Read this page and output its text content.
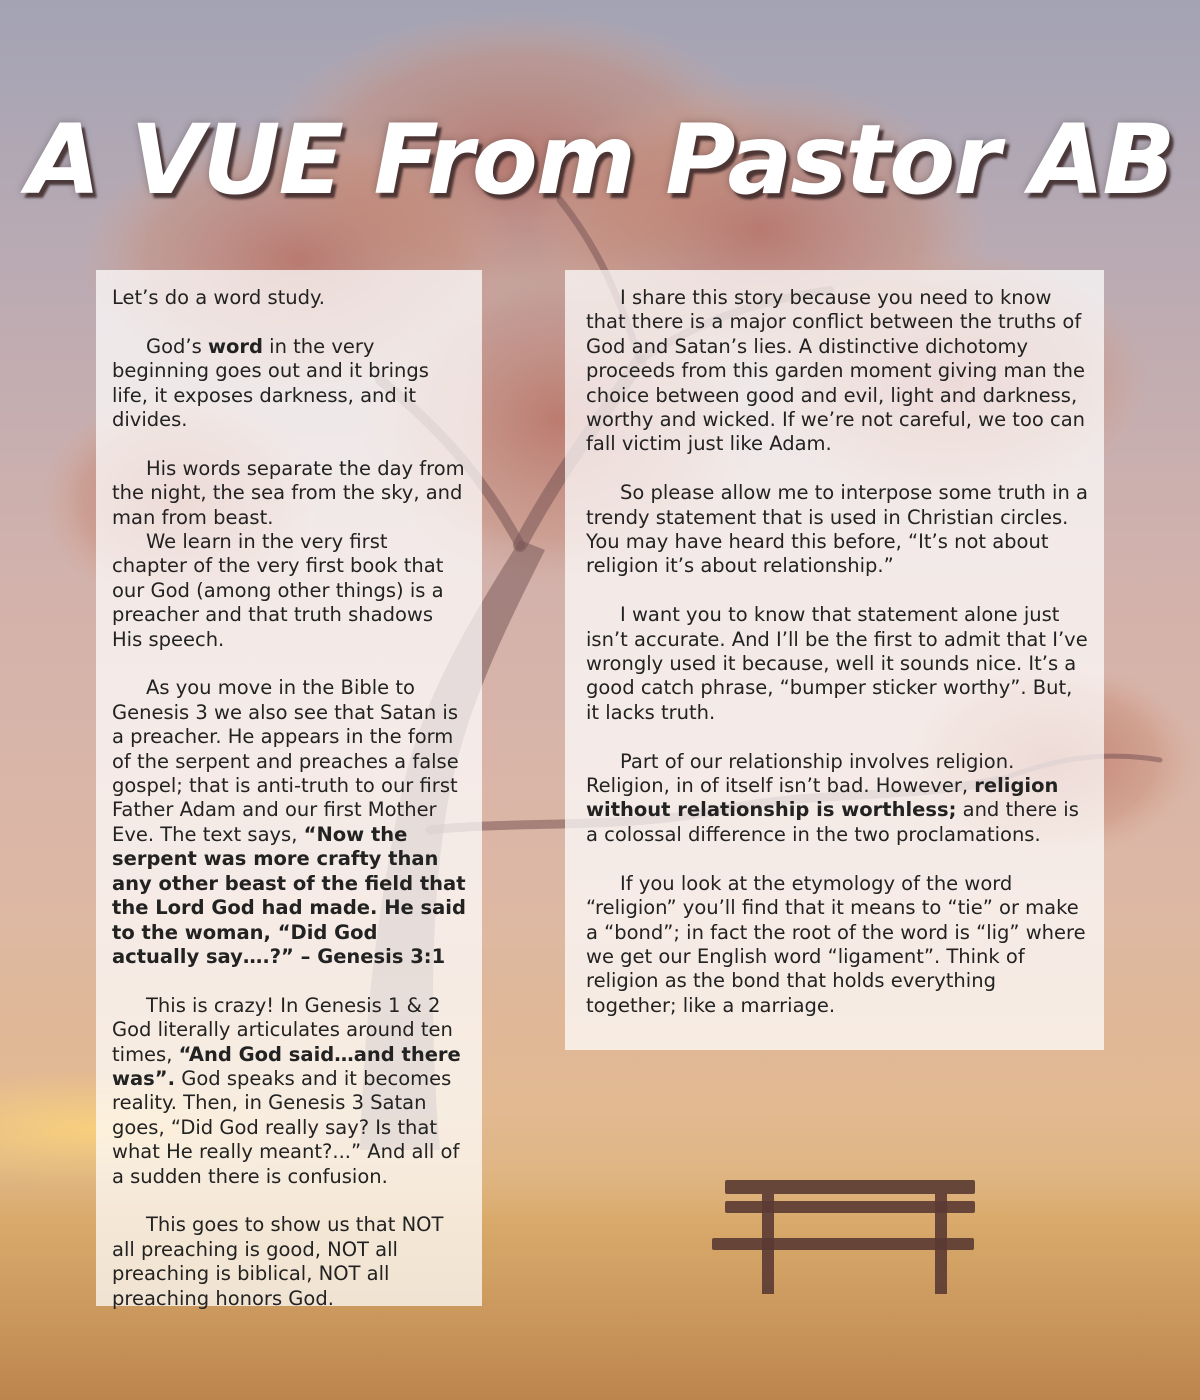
A VUE From Pastor AB

Let’s do a word study.

God’s word in the very beginning goes out and it brings life, it exposes darkness, and it divides.

His words separate the day from the night, the sea from the sky, and man from beast.

We learn in the very first chapter of the very first book that our God (among other things) is a preacher and that truth shadows His speech.

As you move in the Bible to Genesis 3 we also see that Satan is a preacher. He appears in the form of the serpent and preaches a false gospel; that is anti-truth to our first Father Adam and our first Mother Eve. The text says, “Now the serpent was more crafty than any other beast of the field that the Lord God had made. He said to the woman, “Did God actually say….?” – Genesis 3:1

This is crazy! In Genesis 1 & 2 God literally articulates around ten times, “And God said…and there was”. God speaks and it becomes reality. Then, in Genesis 3 Satan goes, “Did God really say? Is that what He really meant?...” And all of a sudden there is confusion.

This goes to show us that NOT all preaching is good, NOT all preaching is biblical, NOT all preaching honors God.

I share this story because you need to know that there is a major conflict between the truths of God and Satan’s lies. A distinctive dichotomy proceeds from this garden moment giving man the choice between good and evil, light and darkness, worthy and wicked. If we’re not careful, we too can fall victim just like Adam.

So please allow me to interpose some truth in a trendy statement that is used in Christian circles. You may have heard this before, “It’s not about religion it’s about relationship.”

I want you to know that statement alone just isn’t accurate. And I’ll be the first to admit that I’ve wrongly used it because, well it sounds nice. It’s a good catch phrase, “bumper sticker worthy”. But, it lacks truth.

Part of our relationship involves religion. Religion, in of itself isn’t bad. However, religion without relationship is worthless; and there is a colossal difference in the two proclamations.

If you look at the etymology of the word “religion” you’ll find that it means to “tie” or make a “bond”; in fact the root of the word is “lig” where we get our English word “ligament”. Think of religion as the bond that holds everything together; like a marriage.
